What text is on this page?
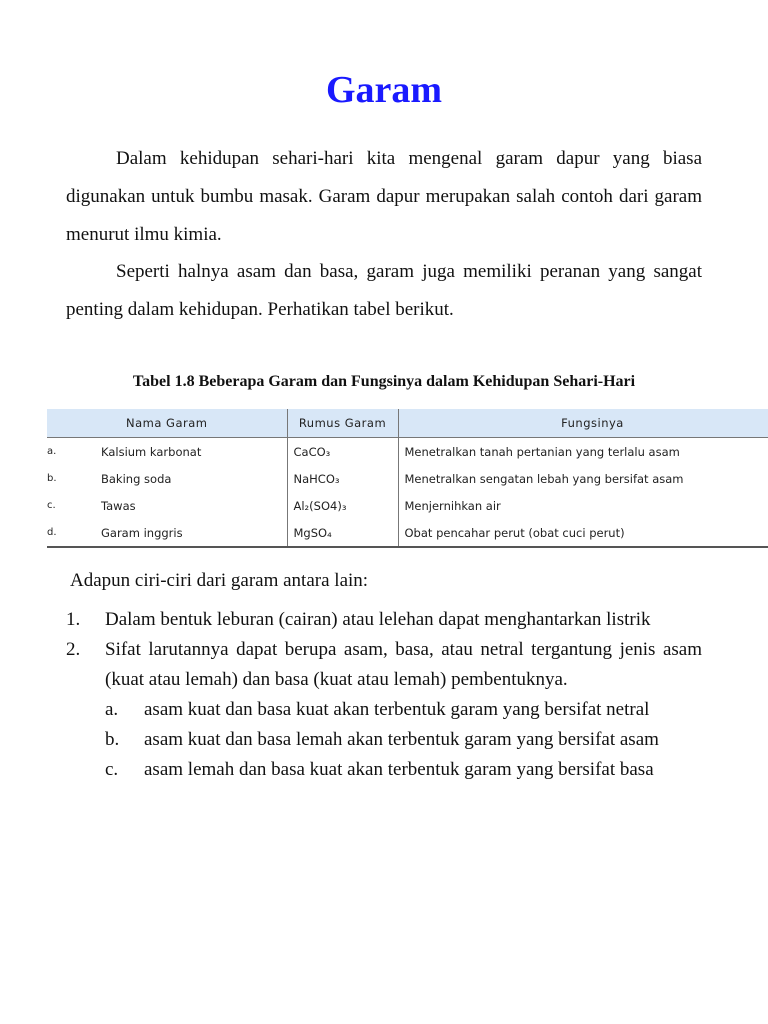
Garam

Dalam kehidupan sehari-hari kita mengenal garam dapur yang biasa digunakan untuk bumbu masak. Garam dapur merupakan salah contoh dari garam menurut ilmu kimia.

Seperti halnya asam dan basa, garam juga memiliki peranan yang sangat penting dalam kehidupan. Perhatikan tabel berikut.

Tabel 1.8 Beberapa Garam dan Fungsinya dalam Kehidupan Sehari-Hari
Nama Garam		Rumus Garam	Fungsinya
a.	Kalsium karbonat	CaCO₃	Menetralkan tanah pertanian yang terlalu asam
b.	Baking soda	NaHCO₃	Menetralkan sengatan lebah yang bersifat asam
c.	Tawas	Al₂(SO4)₃	Menjernihkan air
d.	Garam inggris	MgSO₄	Obat pencahar perut (obat cuci perut)
Adapun ciri-ciri dari garam antara lain:
1. Dalam bentuk leburan (cairan) atau lelehan dapat menghantarkan listrik
2. Sifat larutannya dapat berupa asam, basa, atau netral tergantung jenis asam (kuat atau lemah) dan basa (kuat atau lemah) pembentuknya.
a. asam kuat dan basa kuat akan terbentuk garam yang bersifat netral
b. asam kuat dan basa lemah akan terbentuk garam yang bersifat asam
c. asam lemah dan basa kuat akan terbentuk garam yang bersifat basa
